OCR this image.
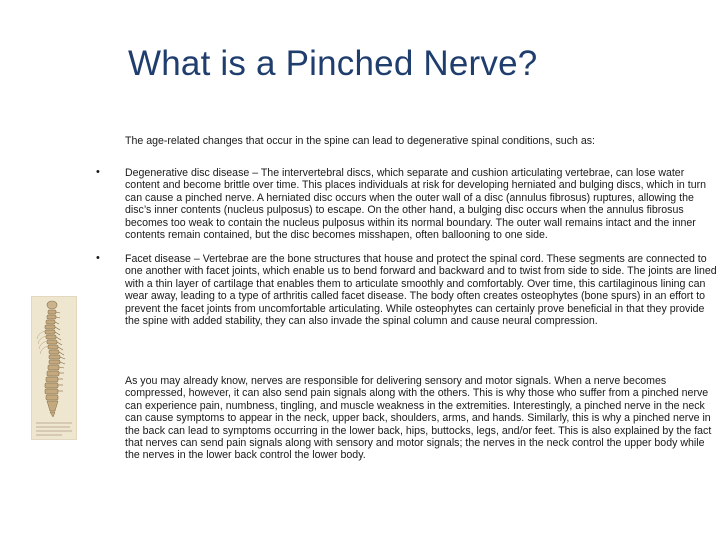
What is a Pinched Nerve?

The age-related changes that occur in the spine can lead to degenerative spinal conditions, such as:

• Degenerative disc disease – The intervertebral discs, which separate and cushion articulating vertebrae, can lose water content and become brittle over time. This places individuals at risk for developing herniated and bulging discs, which in turn can cause a pinched nerve. A herniated disc occurs when the outer wall of a disc (annulus fibrosus) ruptures, allowing the disc’s inner contents (nucleus pulposus) to escape. On the other hand, a bulging disc occurs when the annulus fibrosus becomes too weak to contain the nucleus pulposus within its normal boundary. The outer wall remains intact and the inner contents remain contained, but the disc becomes misshapen, often ballooning to one side.

• Facet disease – Vertebrae are the bone structures that house and protect the spinal cord. These segments are connected to one another with facet joints, which enable us to bend forward and backward and to twist from side to side. The joints are lined with a thin layer of cartilage that enables them to articulate smoothly and comfortably. Over time, this cartilaginous lining can wear away, leading to a type of arthritis called facet disease. The body often creates osteophytes (bone spurs) in an effort to prevent the facet joints from uncomfortable articulating. While osteophytes can certainly prove beneficial in that they provide the spine with added stability, they can also invade the spinal column and cause neural compression.

As you may already know, nerves are responsible for delivering sensory and motor signals. When a nerve becomes compressed, however, it can also send pain signals along with the others. This is why those who suffer from a pinched nerve can experience pain, numbness, tingling, and muscle weakness in the extremities. Interestingly, a pinched nerve in the neck can cause symptoms to appear in the neck, upper back, shoulders, arms, and hands. Similarly, this is why a pinched nerve in the back can lead to symptoms occurring in the lower back, hips, buttocks, legs, and/or feet. This is also explained by the fact that nerves can send pain signals along with sensory and motor signals; the nerves in the neck control the upper body while the nerves in the lower back control the lower body.
